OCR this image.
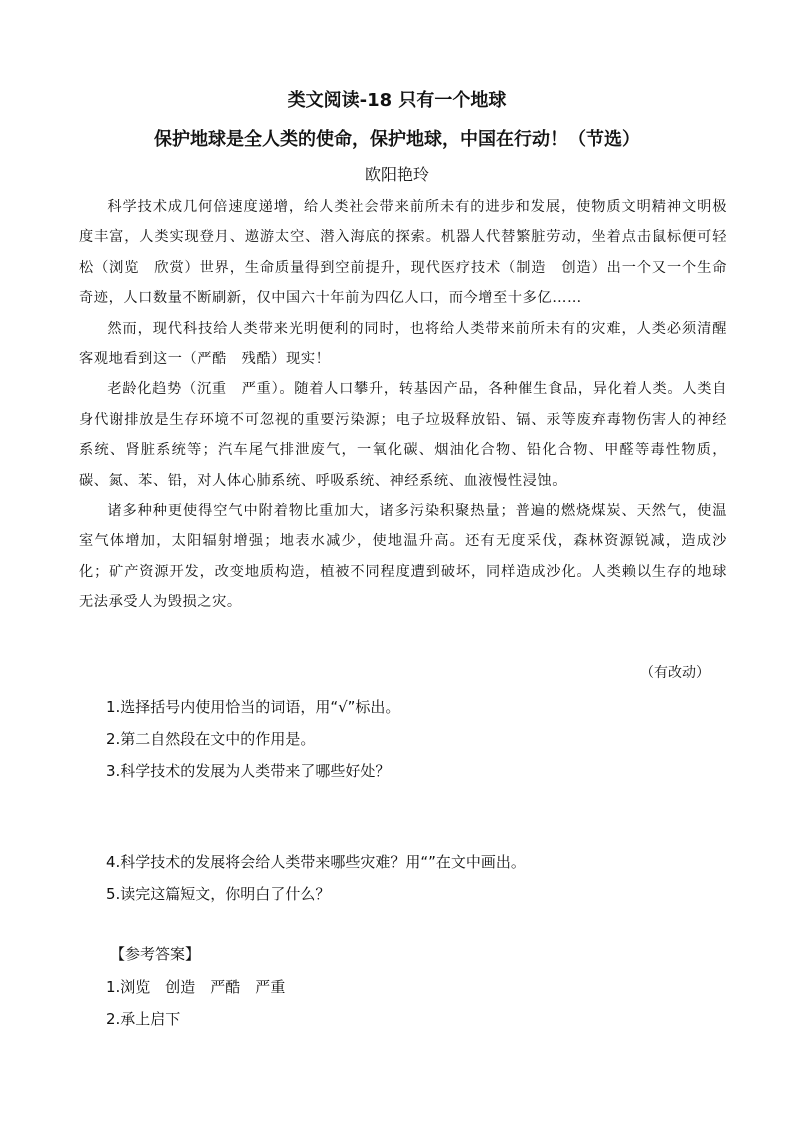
类文阅读-18 只有一个地球
保护地球是全人类的使命，保护地球，中国在行动！（节选）
欧阳艳玲

科学技术成几何倍速度递增，给人类社会带来前所未有的进步和发展，使物质文明精神文明极度丰富，人类实现登月、遨游太空、潜入海底的探索。机器人代替繁脏劳动，坐着点击鼠标便可轻松（浏览　欣赏）世界，生命质量得到空前提升，现代医疗技术（制造　创造）出一个又一个生命奇迹，人口数量不断刷新，仅中国六十年前为四亿人口，而今增至十多亿……

然而，现代科技给人类带来光明便利的同时，也将给人类带来前所未有的灾难，人类必须清醒客观地看到这一（严酷　残酷）现实！

老龄化趋势（沉重　严重）。随着人口攀升，转基因产品，各种催生食品，异化着人类。人类自身代谢排放是生存环境不可忽视的重要污染源；电子垃圾释放铅、镉、汞等废弃毒物伤害人的神经系统、肾脏系统等；汽车尾气排泄废气，一氧化碳、烟油化合物、铅化合物、甲醛等毒性物质，碳、氮、苯、铅，对人体心肺系统、呼吸系统、神经系统、血液慢性浸蚀。

诸多种种更使得空气中附着物比重加大，诸多污染积聚热量；普遍的燃烧煤炭、天然气，使温室气体增加，太阳辐射增强；地表水减少，使地温升高。还有无度采伐，森林资源锐减，造成沙化；矿产资源开发，改变地质构造，植被不同程度遭到破坏，同样造成沙化。人类赖以生存的地球无法承受人为毁损之灾。

（有改动）
1.选择括号内使用恰当的词语，用“√”标出。
2.第二自然段在文中的作用是。
3.科学技术的发展为人类带来了哪些好处？
4.科学技术的发展将会给人类带来哪些灾难？用“”在文中画出。
5.读完这篇短文，你明白了什么？
【参考答案】
1.浏览　创造　严酷　严重
2.承上启下
